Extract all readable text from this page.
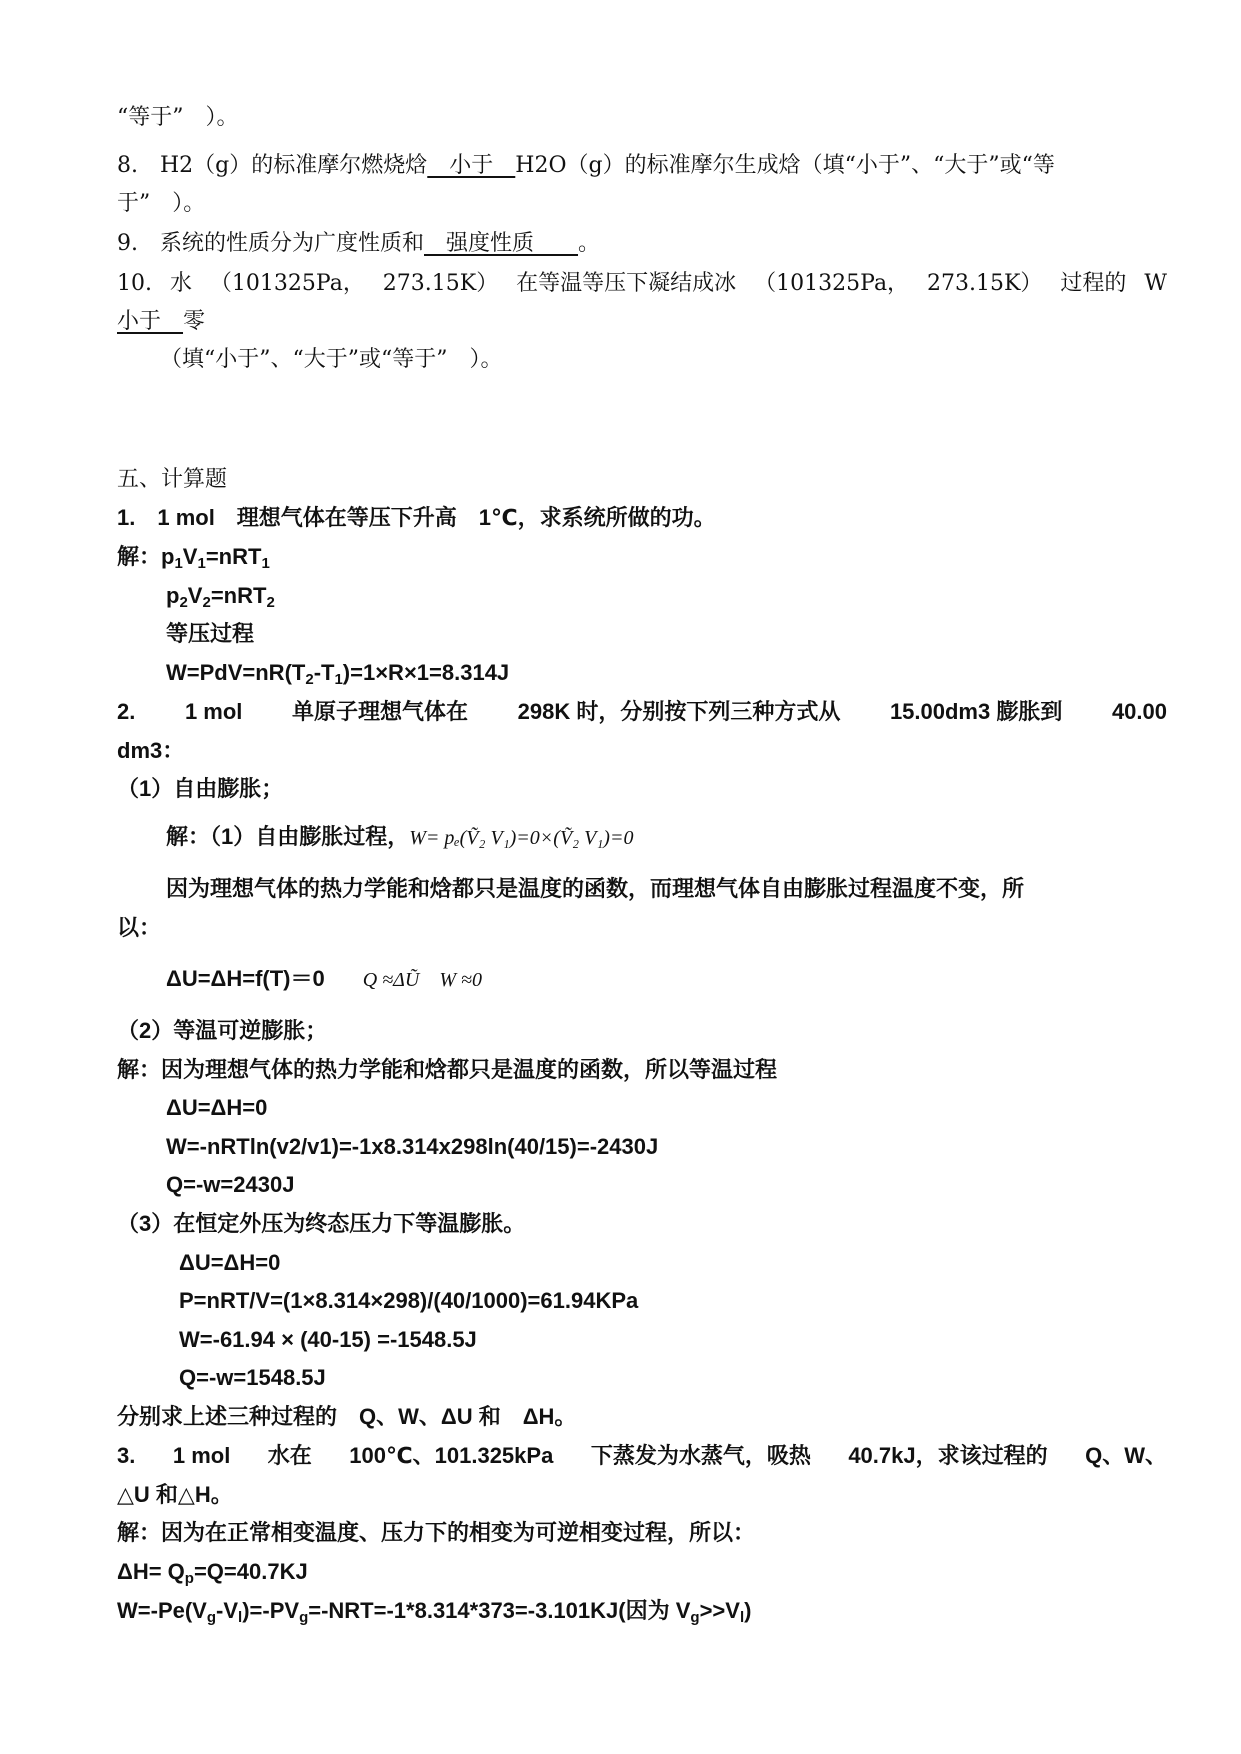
“等于”　）。
8.　H2（g）的标准摩尔燃烧焓　小于　H2O（g）的标准摩尔生成焓（填“小于”、“大于”或“等
于”　）。
9.　系统的性质分为广度性质和　强度性质　　。
10. 水 （101325Pa， 273.15K） 在等温等压下凝结成冰 （101325Pa， 273.15K） 过程的 W
小于　零
（填“小于”、“大于”或“等于”　）。
五、计算题
1.　1 mol　理想气体在等压下升高　1℃，求系统所做的功。
解：$p_1V_1=nRT_1$
$p_2V_2=nRT_2$
等压过程
$W=PdV=nR(T_2-T_1)=1\times R\times 1=8.314J$
2. 1 mol 单原子理想气体在 298K 时，分别按下列三种方式从 15.00dm3 膨胀到 40.00
dm3：
（1）自由膨胀；
解：（1）自由膨胀过程，W= pₑ(Ṽ₂ V₁)=0×(Ṽ₂ V₁)=0
因为理想气体的热力学能和焓都只是温度的函数，而理想气体自由膨胀过程温度不变，所
以：
ΔU=ΔH=f(T)＝0 Q ≈ΔŨ　W ≈0
（2）等温可逆膨胀；
解：因为理想气体的热力学能和焓都只是温度的函数，所以等温过程
ΔU=ΔH=0
W=-nRTln(v2/v1)=-1x8.314x298ln(40/15)=-2430J
Q=-w=2430J
（3）在恒定外压为终态压力下等温膨胀。
ΔU=ΔH=0
P=nRT/V=(1×8.314×298)/(40/1000)=61.94KPa
W=-61.94 × (40-15) =-1548.5J
Q=-w=1548.5J
分别求上述三种过程的　Q、W、ΔU 和　ΔH。
3. 1 mol 水在 100℃、101.325kPa 下蒸发为水蒸气，吸热 40.7kJ，求该过程的 Q、W、
△U 和△H。
解：因为在正常相变温度、压力下的相变为可逆相变过程，所以：
$\Delta H= Q_p=Q=40.7KJ$
$W=-Pe(V_g-V_l)=-PV_g=-NRT=-1*8.314*373=-3.101KJ$(因为 $V_g>>V_l$)
